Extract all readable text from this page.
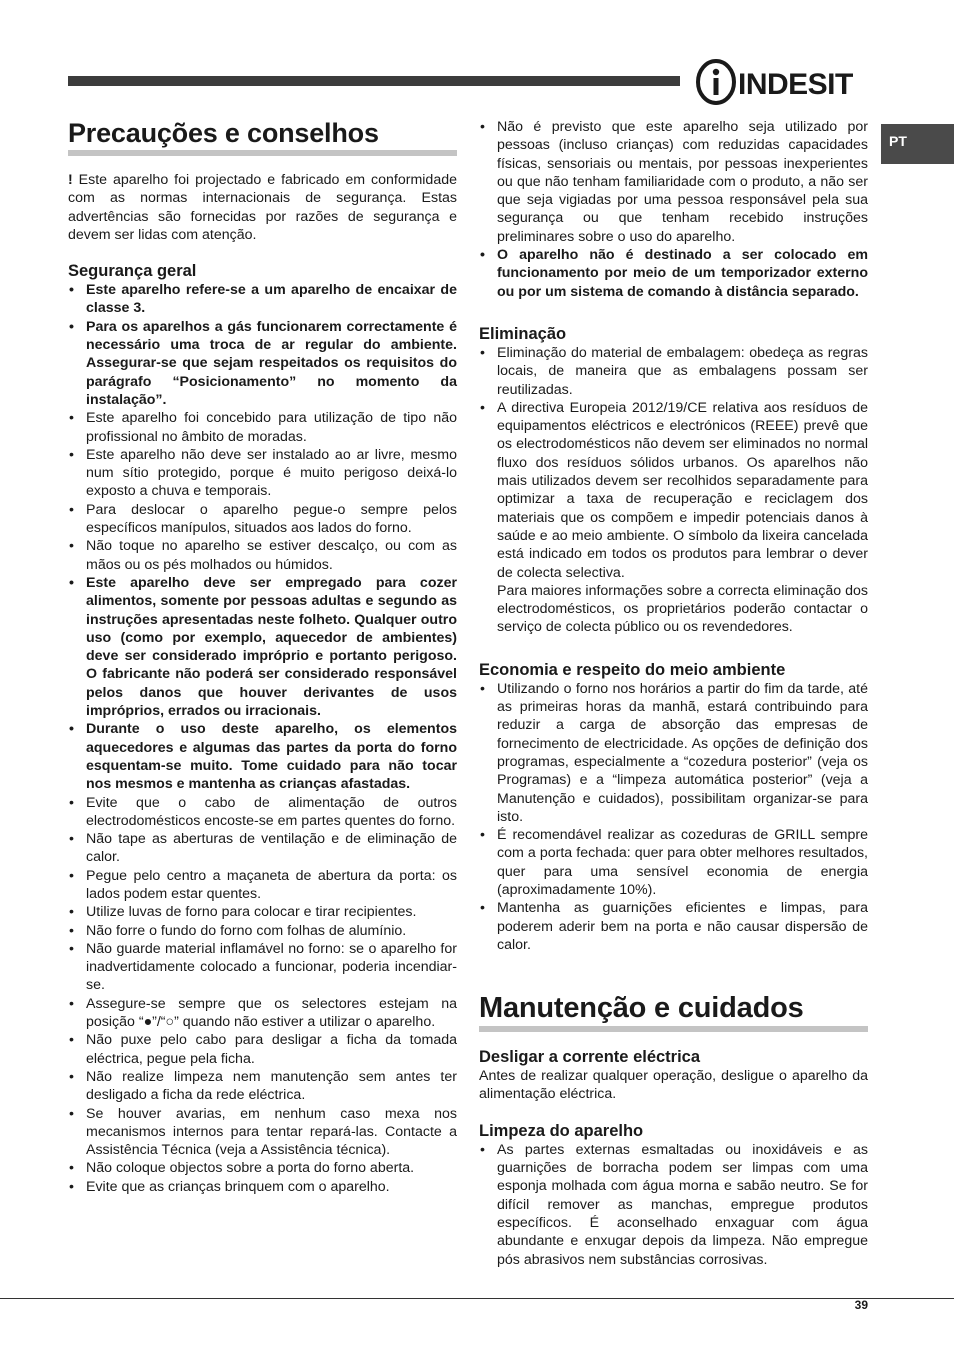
INDESIT
PT
Precauções e conselhos

! Este aparelho foi projectado e fabricado em conformidade com as normas internacionais de segurança. Estas advertências são fornecidas por razões de segurança e devem ser lidas com atenção.

Segurança geral
• Este aparelho refere-se a um aparelho de encaixar de classe 3.
• Para os aparelhos a gás funcionarem correctamente é necessário uma troca de ar regular do ambiente. Assegurar-se que sejam respeitados os requisitos do parágrafo “Posicionamento” no momento da instalação”.
• Este aparelho foi concebido para utilização de tipo não profissional no âmbito de moradas.
• Este aparelho não deve ser instalado ao ar livre, mesmo num sítio protegido, porque é muito perigoso deixá-lo exposto a chuva e temporais.
• Para deslocar o aparelho pegue-o sempre pelos específicos manípulos, situados aos lados do forno.
• Não toque no aparelho se estiver descalço, ou com as mãos ou os pés molhados ou húmidos.
• Este aparelho deve ser empregado para cozer alimentos, somente por pessoas adultas e segundo as instruções apresentadas neste folheto. Qualquer outro uso (como por exemplo, aquecedor de ambientes) deve ser considerado impróprio e portanto perigoso. O fabricante não poderá ser considerado responsável pelos danos que houver derivantes de usos impróprios, errados ou irracionais.
• Durante o uso deste aparelho, os elementos aquecedores e algumas das partes da porta do forno esquentam-se muito. Tome cuidado para não tocar nos mesmos e mantenha as crianças afastadas.
• Evite que o cabo de alimentação de outros electrodomésticos encoste-se em partes quentes do forno.
• Não tape as aberturas de ventilação e de eliminação de calor.
• Pegue pelo centro a maçaneta de abertura da porta: os lados podem estar quentes.
• Utilize luvas de forno para colocar e tirar recipientes.
• Não forre o fundo do forno com folhas de alumínio.
• Não guarde material inflamável no forno: se o aparelho for inadvertidamente colocado a funcionar, poderia incendiar-se.
• Assegure-se sempre que os selectores estejam na posição “●”/“○” quando não estiver a utilizar o aparelho.
• Não puxe pelo cabo para desligar a ficha da tomada eléctrica, pegue pela ficha.
• Não realize limpeza nem manutenção sem antes ter desligado a ficha da rede eléctrica.
• Se houver avarias, em nenhum caso mexa nos mecanismos internos para tentar repará-las. Contacte a Assistência Técnica (veja a Assistência técnica).
• Não coloque objectos sobre a porta do forno aberta.
• Evite que as crianças brinquem com o aparelho.
• Não é previsto que este aparelho seja utilizado por pessoas (incluso crianças) com reduzidas capacidades físicas, sensoriais ou mentais, por pessoas inexperientes ou que não tenham familiaridade com o produto, a não ser que seja vigiadas por uma pessoa responsável pela sua segurança ou que tenham recebido instruções preliminares sobre o uso do aparelho.
• O aparelho não é destinado a ser colocado em funcionamento por meio de um temporizador externo ou por um sistema de comando à distância separado.
Eliminação
• Eliminação do material de embalagem: obedeça as regras locais, de maneira que as embalagens possam ser reutilizadas.
• A directiva Europeia 2012/19/CE relativa aos resíduos de equipamentos eléctricos e electrónicos (REEE) prevê que os electrodomésticos não devem ser eliminados no normal fluxo dos resíduos sólidos urbanos. Os aparelhos não mais utilizados devem ser recolhidos separadamente para optimizar a taxa de recuperação e reciclagem dos materiais que os compõem e impedir potenciais danos à saúde e ao meio ambiente. O símbolo da lixeira cancelada está indicado em todos os produtos para lembrar o dever de colecta selectiva.

Para maiores informações sobre a correcta eliminação dos electrodomésticos, os proprietários poderão contactar o serviço de colecta público ou os revendedores.

Economia e respeito do meio ambiente
• Utilizando o forno nos horários a partir do fim da tarde, até as primeiras horas da manhã, estará contribuindo para reduzir a carga de absorção das empresas de fornecimento de electricidade. As opções de definição dos programas, especialmente a “cozedura posterior” (veja os Programas) e a “limpeza automática posterior” (veja a Manutenção e cuidados), possibilitam organizar-se para isto.
• É recomendável realizar as cozeduras de GRILL sempre com a porta fechada: quer para obter melhores resultados, quer para uma sensível economia de energia (aproximadamente 10%).
• Mantenha as guarnições eficientes e limpas, para poderem aderir bem na porta e não causar dispersão de calor.
Manutenção e cuidados
Desligar a corrente eléctrica

Antes de realizar qualquer operação, desligue o aparelho da alimentação eléctrica.

Limpeza do aparelho
• As partes externas esmaltadas ou inoxidáveis e as guarnições de borracha podem ser limpas com uma esponja molhada com água morna e sabão neutro. Se for difícil remover as manchas, empregue produtos específicos. É aconselhado enxaguar com água abundante e enxugar depois da limpeza. Não empregue pós abrasivos nem substâncias corrosivas.
39
